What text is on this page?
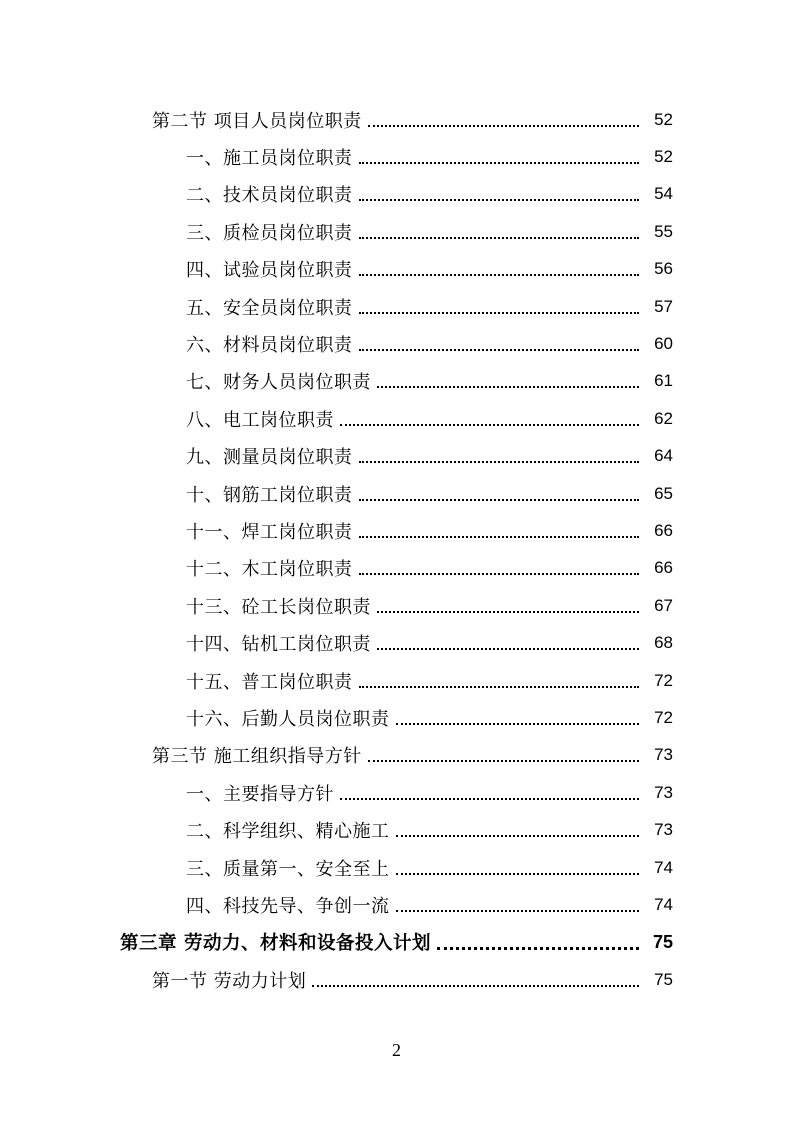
第二节 项目人员岗位职责	52
一、施工员岗位职责	52
二、技术员岗位职责	54
三、质检员岗位职责	55
四、试验员岗位职责	56
五、安全员岗位职责	57
六、材料员岗位职责	60
七、财务人员岗位职责	61
八、电工岗位职责	62
九、测量员岗位职责	64
十、钢筋工岗位职责	65
十一、焊工岗位职责	66
十二、木工岗位职责	66
十三、砼工长岗位职责	67
十四、钻机工岗位职责	68
十五、普工岗位职责	72
十六、后勤人员岗位职责	72
第三节 施工组织指导方针	73
一、主要指导方针	73
二、科学组织、精心施工	73
三、质量第一、安全至上	74
四、科技先导、争创一流	74
第三章 劳动力、材料和设备投入计划	75
第一节 劳动力计划	75
2
